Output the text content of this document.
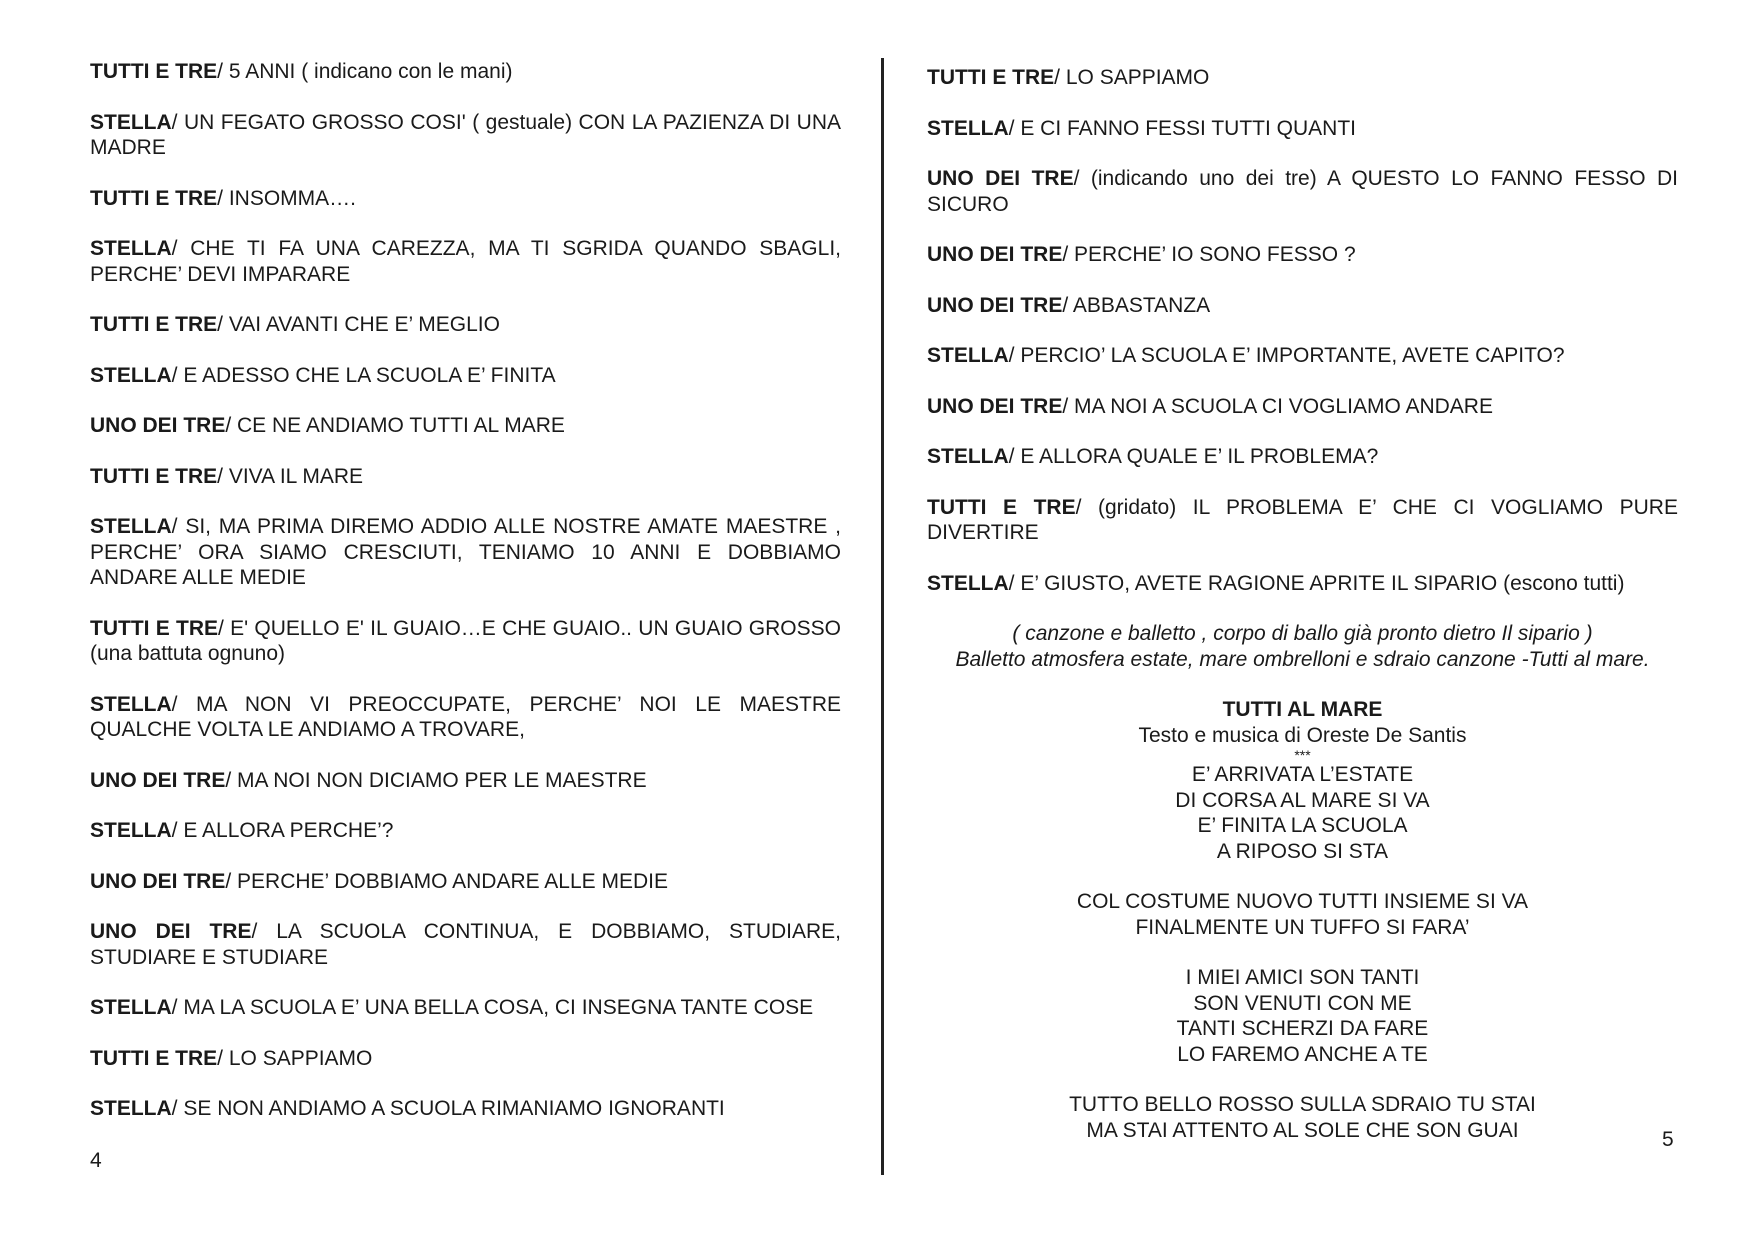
TUTTI E TRE/ 5 ANNI ( indicano con le mani)

STELLA/ UN FEGATO GROSSO COSI' ( gestuale) CON LA PAZIENZA DI UNA MADRE

TUTTI E TRE/ INSOMMA….

STELLA/ CHE TI FA UNA CAREZZA, MA TI SGRIDA QUANDO SBAGLI, PERCHE’ DEVI IMPARARE

TUTTI E TRE/ VAI AVANTI CHE E’ MEGLIO

STELLA/ E ADESSO CHE LA SCUOLA E’ FINITA

UNO DEI TRE/ CE NE ANDIAMO TUTTI AL MARE

TUTTI E TRE/ VIVA IL MARE

STELLA/ SI, MA PRIMA DIREMO ADDIO ALLE NOSTRE AMATE MAESTRE , PERCHE’ ORA SIAMO CRESCIUTI, TENIAMO 10 ANNI E DOBBIAMO ANDARE ALLE MEDIE

TUTTI E TRE/ E' QUELLO E' IL GUAIO…E CHE GUAIO.. UN GUAIO GROSSO (una battuta ognuno)

STELLA/ MA NON VI PREOCCUPATE, PERCHE’ NOI LE MAESTRE QUALCHE VOLTA LE ANDIAMO A TROVARE,

UNO DEI TRE/ MA NOI NON DICIAMO PER LE MAESTRE

STELLA/ E ALLORA PERCHE’?

UNO DEI TRE/ PERCHE’ DOBBIAMO ANDARE ALLE MEDIE

UNO DEI TRE/ LA SCUOLA CONTINUA, E DOBBIAMO, STUDIARE, STUDIARE E STUDIARE

STELLA/ MA LA SCUOLA E’ UNA BELLA COSA, CI INSEGNA TANTE COSE

TUTTI E TRE/ LO SAPPIAMO

STELLA/ SE NON ANDIAMO A SCUOLA RIMANIAMO IGNORANTI

4

TUTTI E TRE/ LO SAPPIAMO

STELLA/ E CI FANNO FESSI TUTTI QUANTI

UNO DEI TRE/ (indicando uno dei tre) A QUESTO LO FANNO FESSO DI SICURO

UNO DEI TRE/ PERCHE’ IO SONO FESSO ?

UNO DEI TRE/ ABBASTANZA

STELLA/ PERCIO’ LA SCUOLA E’ IMPORTANTE, AVETE CAPITO?

UNO DEI TRE/ MA NOI A SCUOLA CI VOGLIAMO ANDARE

STELLA/ E ALLORA QUALE E’ IL PROBLEMA?

TUTTI E TRE/ (gridato) IL PROBLEMA E’ CHE CI VOGLIAMO PURE DIVERTIRE

STELLA/ E’ GIUSTO, AVETE RAGIONE APRITE IL SIPARIO (escono tutti)

( canzone e balletto , corpo di ballo già pronto dietro Il sipario )
Balletto atmosfera estate, mare ombrelloni e sdraio canzone -Tutti al mare.
TUTTI AL MARE
Testo e musica di Oreste De Santis
***
E’ ARRIVATA L’ESTATE
DI CORSA AL MARE SI VA
E’ FINITA LA SCUOLA
A RIPOSO SI STA
COL COSTUME NUOVO TUTTI INSIEME SI VA
FINALMENTE UN TUFFO SI FARA’
I MIEI AMICI SON TANTI
SON VENUTI CON ME
TANTI SCHERZI DA FARE
LO FAREMO ANCHE A TE
TUTTO BELLO ROSSO SULLA SDRAIO TU STAI
MA STAI ATTENTO AL SOLE CHE SON GUAI	5
